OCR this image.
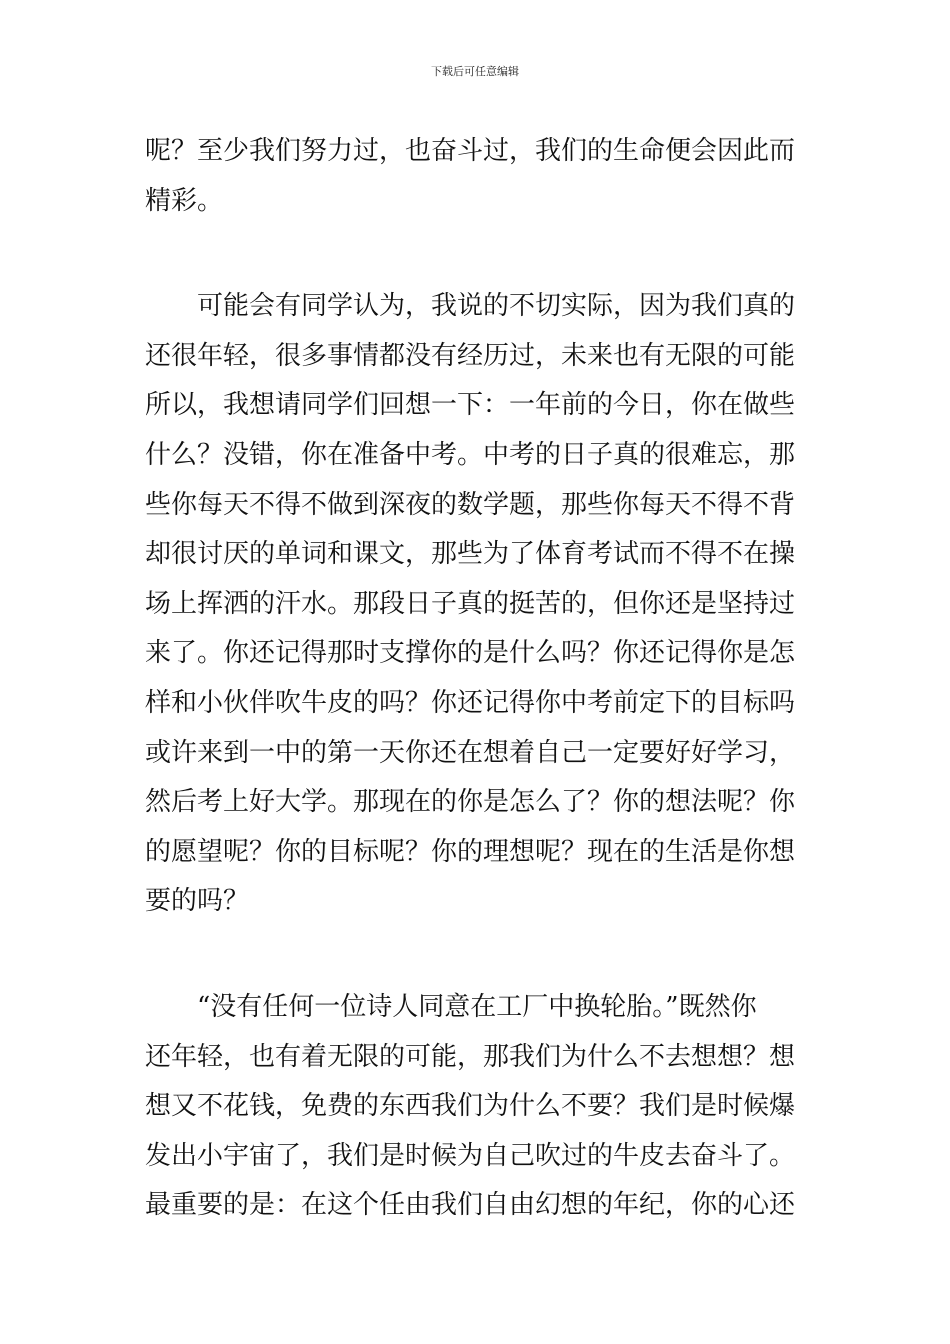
下载后可任意编辑
呢？至少我们努力过，也奋斗过，我们的生命便会因此而
精彩。
可能会有同学认为，我说的不切实际，因为我们真的
还很年轻，很多事情都没有经历过，未来也有无限的可能
所以，我想请同学们回想一下：一年前的今日，你在做些
什么？没错，你在准备中考。中考的日子真的很难忘，那
些你每天不得不做到深夜的数学题，那些你每天不得不背
却很讨厌的单词和课文，那些为了体育考试而不得不在操
场上挥洒的汗水。那段日子真的挺苦的，但你还是坚持过
来了。你还记得那时支撑你的是什么吗？你还记得你是怎
样和小伙伴吹牛皮的吗？你还记得你中考前定下的目标吗
或许来到一中的第一天你还在想着自己一定要好好学习，
然后考上好大学。那现在的你是怎么了？你的想法呢？你
的愿望呢？你的目标呢？你的理想呢？现在的生活是你想
要的吗？
“没有任何一位诗人同意在工厂中换轮胎。”既然你
还年轻，也有着无限的可能，那我们为什么不去想想？想
想又不花钱，免费的东西我们为什么不要？我们是时候爆
发出小宇宙了，我们是时候为自己吹过的牛皮去奋斗了。
最重要的是：在这个任由我们自由幻想的年纪，你的心还
